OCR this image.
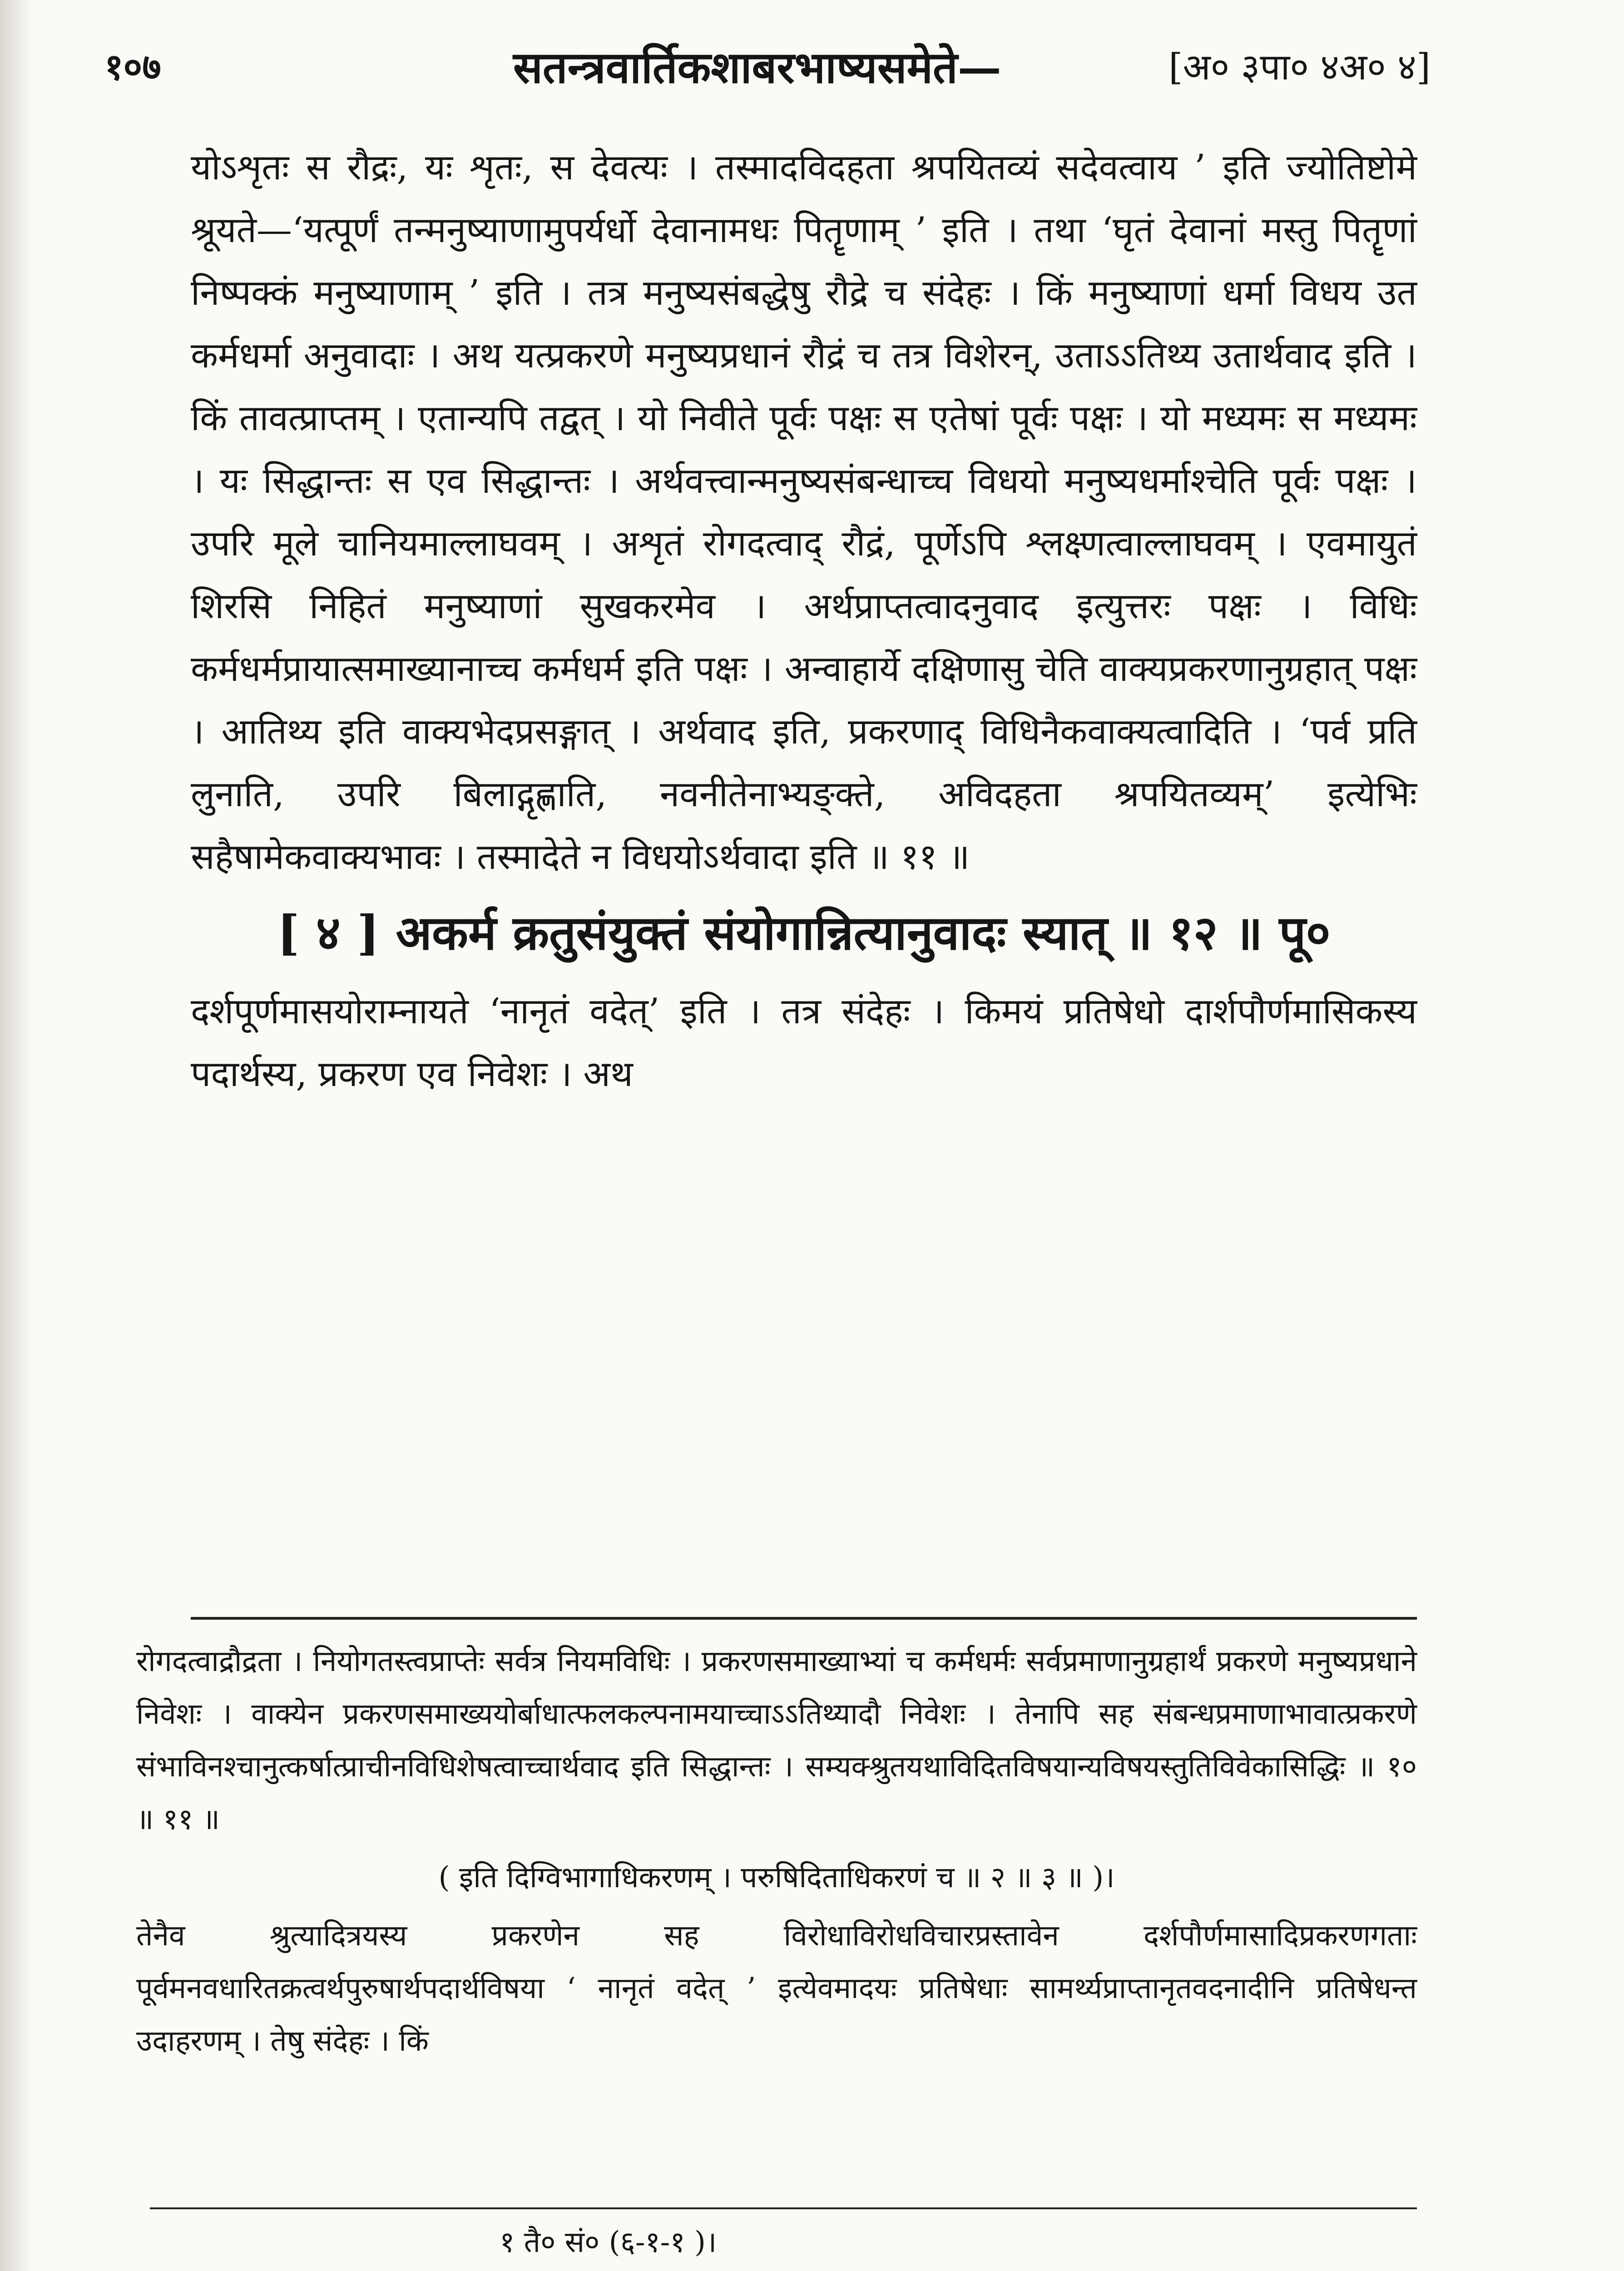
१०७	सतन्त्रवार्तिकशाबरभाष्यसमेते—	[अ० ३पा० ४अ० ४]

योऽशृतः स रौद्रः, यः शृतः, स देवत्यः । तस्मादविदहता श्रपयितव्यं सदेवत्वाय ’ इति ज्योतिष्टोमे श्रूयते—‘यत्पूर्णं तन्मनुष्याणामुपर्यर्धो देवानामधः पितॄणाम् ’ इति । तथा ‘घृतं देवानां मस्तु पितॄणां निष्पक्कं मनुष्याणाम् ’ इति । तत्र मनुष्यसंबद्धेषु रौद्रे च संदेहः । किं मनुष्याणां धर्मा विधय उत कर्मधर्मा अनुवादाः । अथ यत्प्रकरणे मनुष्यप्रधानं रौद्रं च तत्र विशेरन्, उताऽऽतिथ्य उतार्थवाद इति । किं तावत्प्राप्तम् । एतान्यपि तद्वत् । यो निवीते पूर्वः पक्षः स एतेषां पूर्वः पक्षः । यो मध्यमः स मध्यमः । यः सिद्धान्तः स एव सिद्धान्तः । अर्थवत्त्वान्मनुष्यसंबन्धाच्च विधयो मनुष्यधर्माश्चेति पूर्वः पक्षः । उपरि मूले चानियमाल्लाघवम् । अशृतं रोगदत्वाद् रौद्रं, पूर्णेऽपि श्लक्ष्णत्वाल्लाघवम् । एवमायुतं शिरसि निहितं मनुष्याणां सुखकरमेव । अर्थप्राप्तत्वादनुवाद इत्युत्तरः पक्षः । विधिः कर्मधर्मप्रायात्समाख्यानाच्च कर्मधर्म इति पक्षः । अन्वाहार्ये दक्षिणासु चेति वाक्यप्रकरणानुग्रहात् पक्षः । आतिथ्य इति वाक्यभेदप्रसङ्गात् । अर्थवाद इति, प्रकरणाद् विधिनैकवाक्यत्वादिति । ‘पर्व प्रति लुनाति, उपरि बिलाद्गृह्णाति, नवनीतेनाभ्यङ्क्ते, अविदहता श्रपयितव्यम्’ इत्येभिः सहैषामेकवाक्यभावः । तस्मादेते न विधयोऽर्थवादा इति ॥ ११ ॥

[ ४ ] अकर्म क्रतुसंयुक्तं संयोगान्नित्यानुवादः स्यात् ॥ १२ ॥ पू०

दर्शपूर्णमासयोराम्नायते ‘नानृतं वदेत्’ इति । तत्र संदेहः । किमयं प्रतिषेधो दार्शपौर्णमासिकस्य पदार्थस्य, प्रकरण एव निवेशः । अथ

रोगदत्वाद्रौद्रता । नियोगतस्त्वप्राप्तेः सर्वत्र नियमविधिः । प्रकरणसमाख्याभ्यां च कर्मधर्मः सर्वप्रमाणानुग्रहार्थं प्रकरणे मनुष्यप्रधाने निवेशः । वाक्येन प्रकरणसमाख्ययोर्बाधात्फलकल्पनामयाच्चाऽऽतिथ्यादौ निवेशः । तेनापि सह संबन्धप्रमाणाभावात्प्रकरणे संभाविनश्चानुत्कर्षात्प्राचीनविधिशेषत्वाच्चार्थवाद इति सिद्धान्तः । सम्यक्श्रुतयथाविदितविषयान्यविषयस्तुतिविवेकासिद्धिः ॥ १० ॥ ११ ॥

( इति दिग्विभागाधिकरणम् । परुषिदिताधिकरणं च ॥ २ ॥ ३ ॥ )।

तेनैव श्रुत्यादित्रयस्य प्रकरणेन सह विरोधाविरोधविचारप्रस्तावेन दर्शपौर्णमासादिप्रकरणगताः पूर्वमनवधारितक्रत्वर्थपुरुषार्थपदार्थविषया ‘ नानृतं वदेत् ’ इत्येवमादयः प्रतिषेधाः सामर्थ्यप्राप्तानृतवदनादीनि प्रतिषेधन्त उदाहरणम् । तेषु संदेहः । किं

१ तै० सं० (६-१-१ )।
